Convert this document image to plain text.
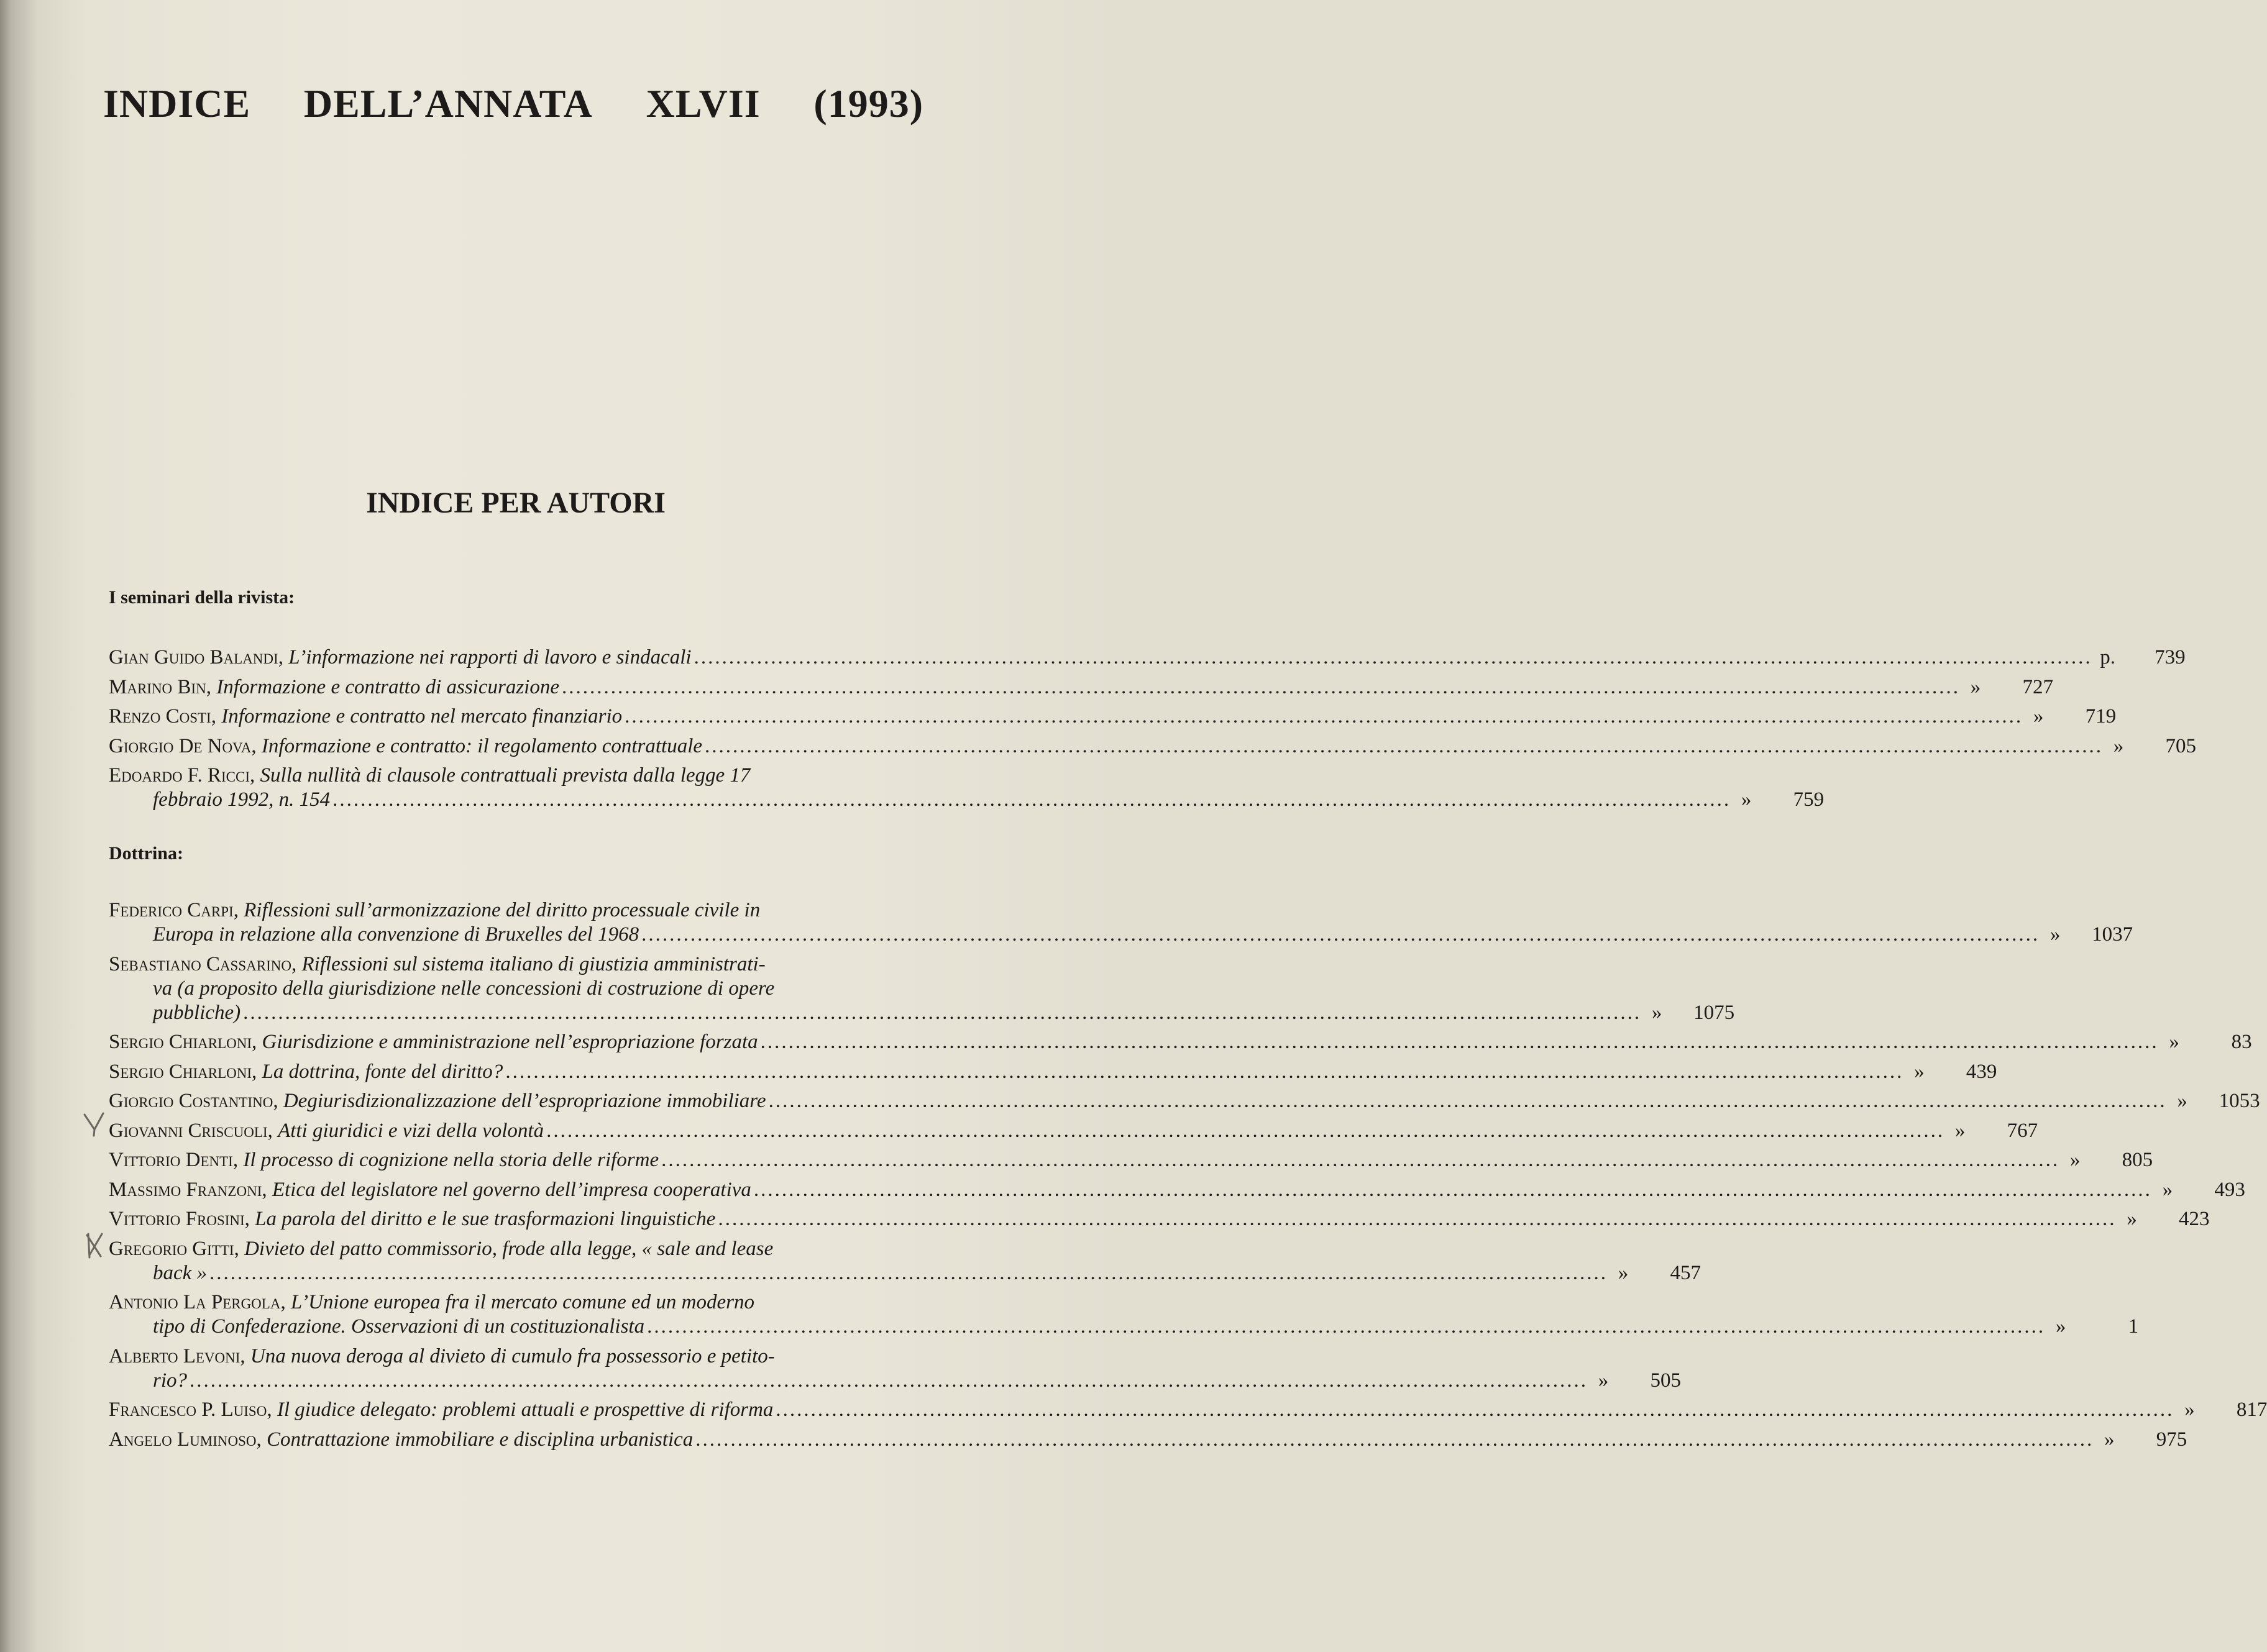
INDICE DELL’ANNATA XLVII (1993)
INDICE PER AUTORI
I seminari della rivista:
Gian Guido Balandi , L’informazione nei rapporti di lavoro e sindacali ........................................................................................................................................................................................................ p.	739
Marino Bin , Informazione e contratto di assicurazione ........................................................................................................................................................................................................ »	727
Renzo Costi , Informazione e contratto nel mercato finanziario ........................................................................................................................................................................................................ »	719
Giorgio De Nova , Informazione e contratto: il regolamento contrattuale ........................................................................................................................................................................................................ »	705
Edoardo F. Ricci , Sulla nullità di clausole contrattuali prevista dalla legge 17
febbraio 1992, n. 154 ........................................................................................................................................................................................................ »	759
Dottrina:
Federico Carpi , Riflessioni sull’armonizzazione del diritto processuale civile in
Europa in relazione alla convenzione di Bruxelles del 1968 ........................................................................................................................................................................................................ »	1037
Sebastiano Cassarino , Riflessioni sul sistema italiano di giustizia amministrati-
va (a proposito della giurisdizione nelle concessioni di costruzione di opere
pubbliche) ........................................................................................................................................................................................................ »	1075
Sergio Chiarloni , Giurisdizione e amministrazione nell’espropriazione forzata ........................................................................................................................................................................................................ »	83
Sergio Chiarloni , La dottrina, fonte del diritto? ........................................................................................................................................................................................................ »	439
Giorgio Costantino , Degiurisdizionalizzazione dell’espropriazione immobiliare ........................................................................................................................................................................................................ »	1053
Giovanni Criscuoli , Atti giuridici e vizi della volontà ........................................................................................................................................................................................................ »	767
Vittorio Denti , Il processo di cognizione nella storia delle riforme ........................................................................................................................................................................................................ »	805
Massimo Franzoni , Etica del legislatore nel governo dell’impresa cooperativa ........................................................................................................................................................................................................ »	493
Vittorio Frosini , La parola del diritto e le sue trasformazioni linguistiche ........................................................................................................................................................................................................ »	423
Gregorio Gitti , Divieto del patto commissorio, frode alla legge, « sale and lease
back » ........................................................................................................................................................................................................ »	457
Antonio La Pergola , L’Unione europea fra il mercato comune ed un moderno
tipo di Confederazione. Osservazioni di un costituzionalista ........................................................................................................................................................................................................ »	1
Alberto Levoni , Una nuova deroga al divieto di cumulo fra possessorio e petito-
rio? ........................................................................................................................................................................................................ »	505
Francesco P. Luiso , Il giudice delegato: problemi attuali e prospettive di riforma ........................................................................................................................................................................................................ »	817
Angelo Luminoso , Contrattazione immobiliare e disciplina urbanistica ........................................................................................................................................................................................................ »	975
